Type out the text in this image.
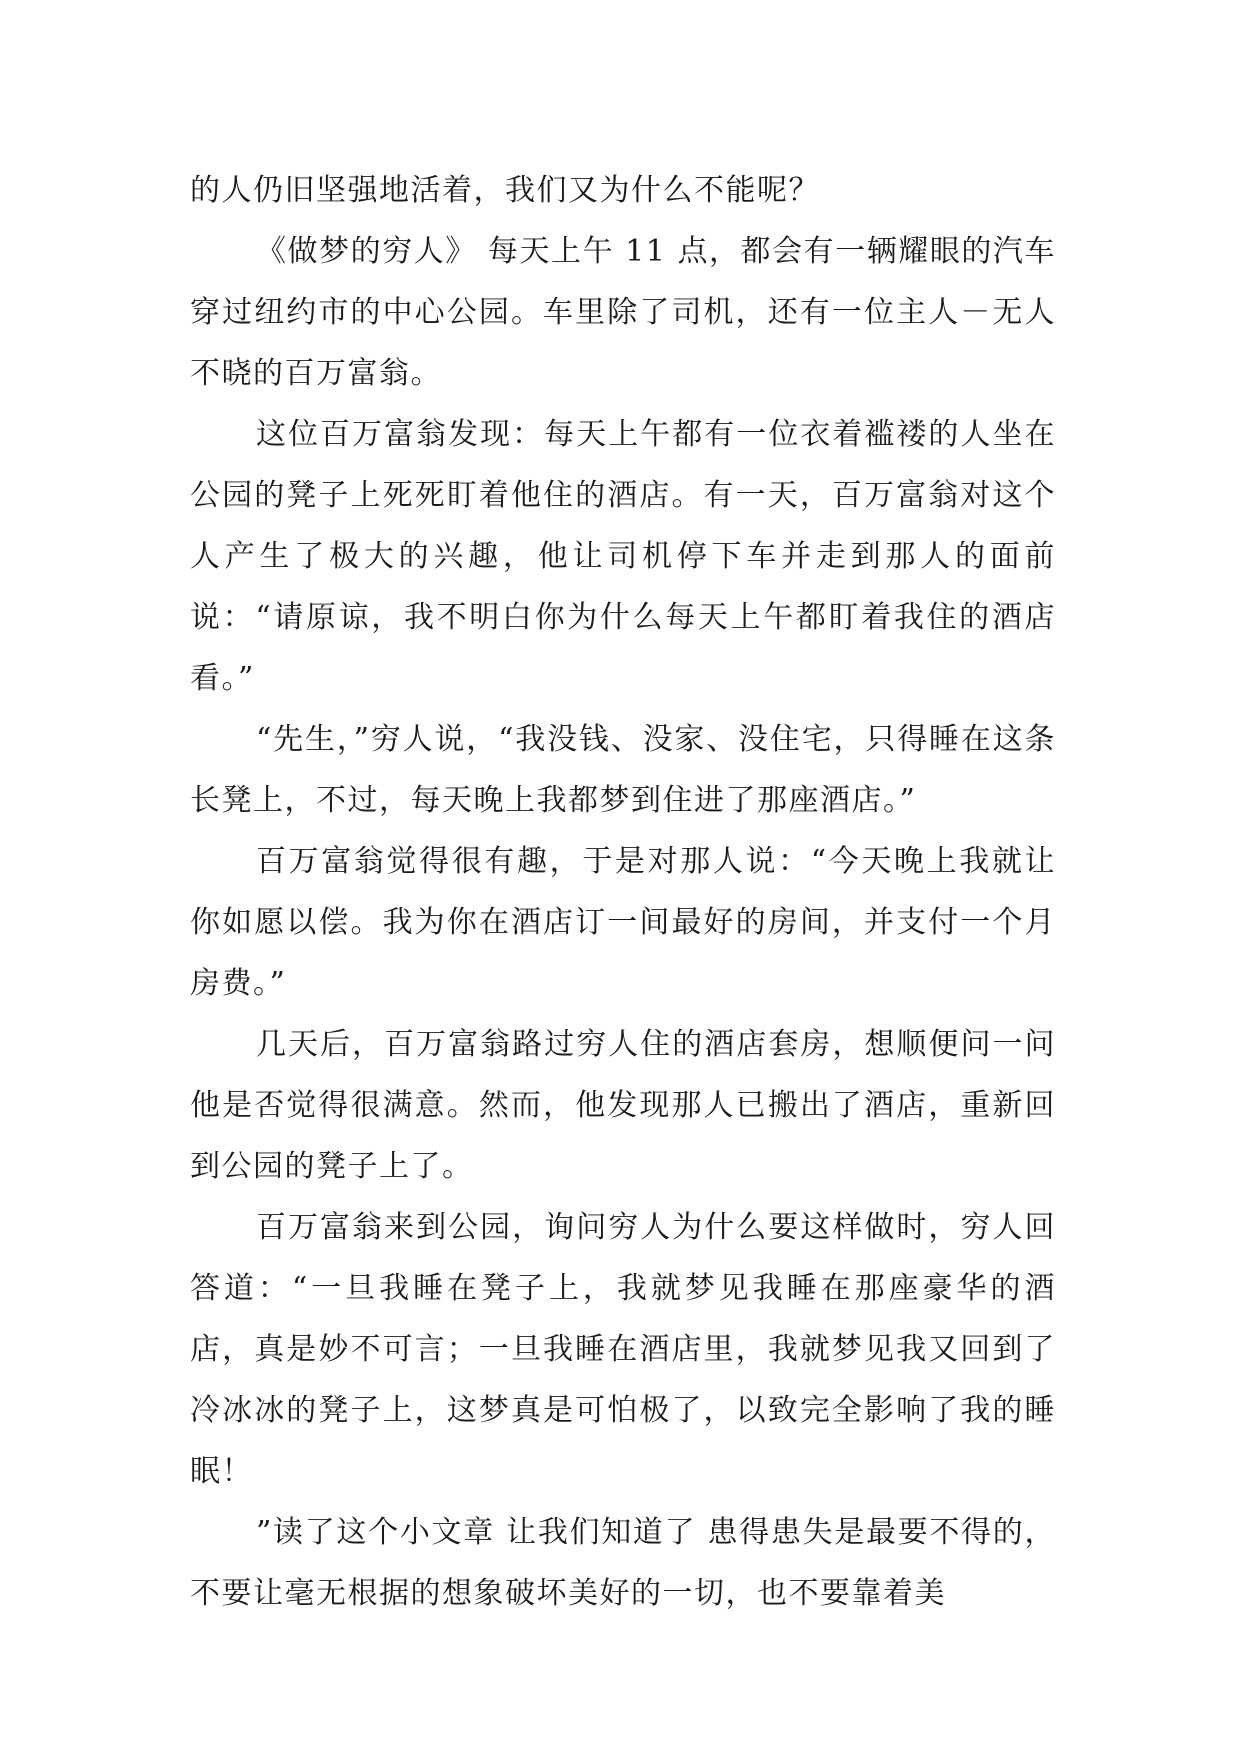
的人仍旧坚强地活着，我们又为什么不能呢？

《做梦的穷人》 每天上午 11 点，都会有一辆耀眼的汽车穿过纽约市的中心公园。车里除了司机，还有一位主人－无人不晓的百万富翁。

这位百万富翁发现：每天上午都有一位衣着褴褛的人坐在公园的凳子上死死盯着他住的酒店。有一天，百万富翁对这个人产生了极大的兴趣，他让司机停下车并走到那人的面前说：“请原谅，我不明白你为什么每天上午都盯着我住的酒店看。”

“先生，”穷人说，“我没钱、没家、没住宅，只得睡在这条长凳上，不过，每天晚上我都梦到住进了那座酒店。”

百万富翁觉得很有趣，于是对那人说：“今天晚上我就让你如愿以偿。我为你在酒店订一间最好的房间，并支付一个月房费。”

几天后，百万富翁路过穷人住的酒店套房，想顺便问一问他是否觉得很满意。然而，他发现那人已搬出了酒店，重新回到公园的凳子上了。

百万富翁来到公园，询问穷人为什么要这样做时，穷人回答道：“一旦我睡在凳子上，我就梦见我睡在那座豪华的酒店，真是妙不可言；一旦我睡在酒店里，我就梦见我又回到了冷冰冰的凳子上，这梦真是可怕极了，以致完全影响了我的睡眠！

”读了这个小文章 让我们知道了 患得患失是最要不得的，不要让毫无根据的想象破坏美好的一切，也不要靠着美
